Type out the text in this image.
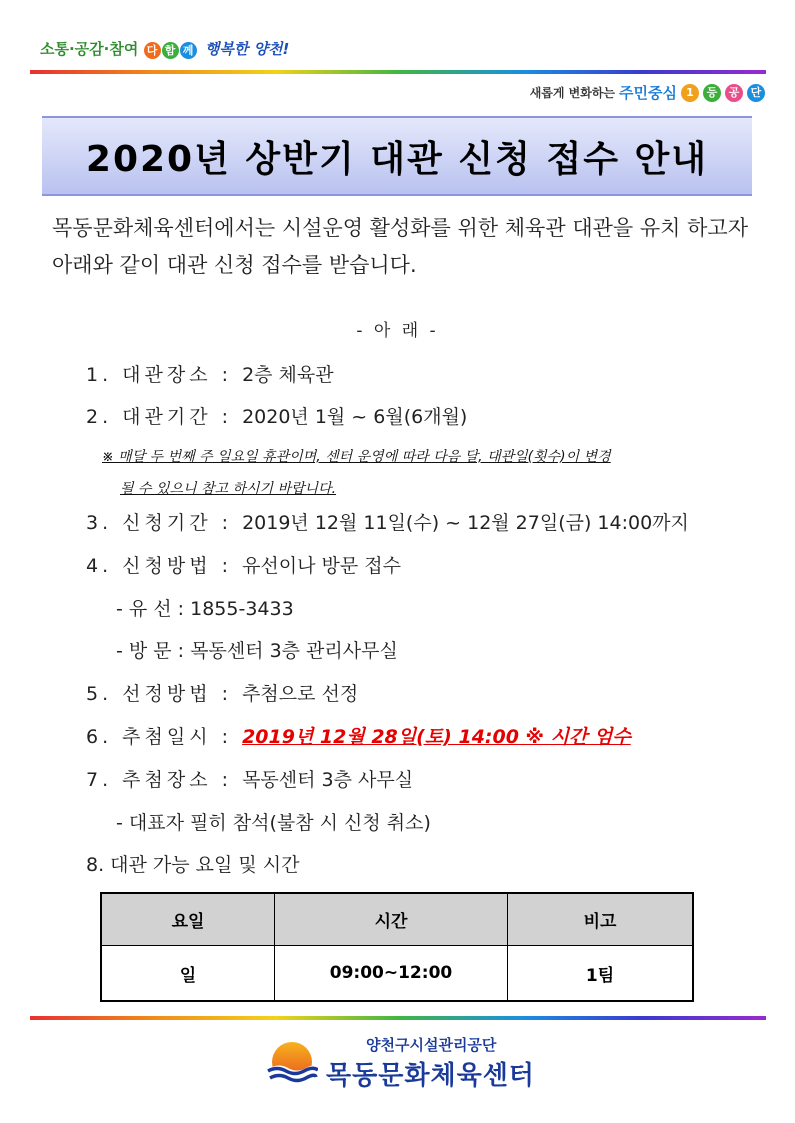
소통·공감·참여 다 함 께 행복한 양천!
새롭게 변화하는 주민중심 1	등	공	단
2020년 상반기 대관 신청 접수 안내
목동문화체육센터에서는 시설운영 활성화를 위한 체육관 대관을 유치 하고자 아래와 같이 대관 신청 접수를 받습니다.
- 아 래 -
1. 대관장소 : 2층 체육관
2. 대관기간 : 2020년 1월 ~ 6월(6개월)
※ 매달 두 번째 주 일요일 휴관이며, 센터 운영에 따라 다음 달, 대관일(횟수)이 변경
될 수 있으니 참고 하시기 바랍니다.
3. 신청기간 : 2019년 12월 11일(수) ~ 12월 27일(금) 14:00까지
4. 신청방법 : 유선이나 방문 접수
- 유 선 : 1855-3433
- 방 문 : 목동센터 3층 관리사무실
5. 선정방법 : 추첨으로 선정
6. 추첨일시 : 2019년 12월 28일(토) 14:00 ※ 시간 엄수
7. 추첨장소 : 목동센터 3층 사무실
- 대표자 필히 참석(불참 시 신청 취소)
8. 대관 가능 요일 및 시간
요일	시간	비고
일	09:00~12:00	1팀
양천구시설관리공단
목동문화체육센터
